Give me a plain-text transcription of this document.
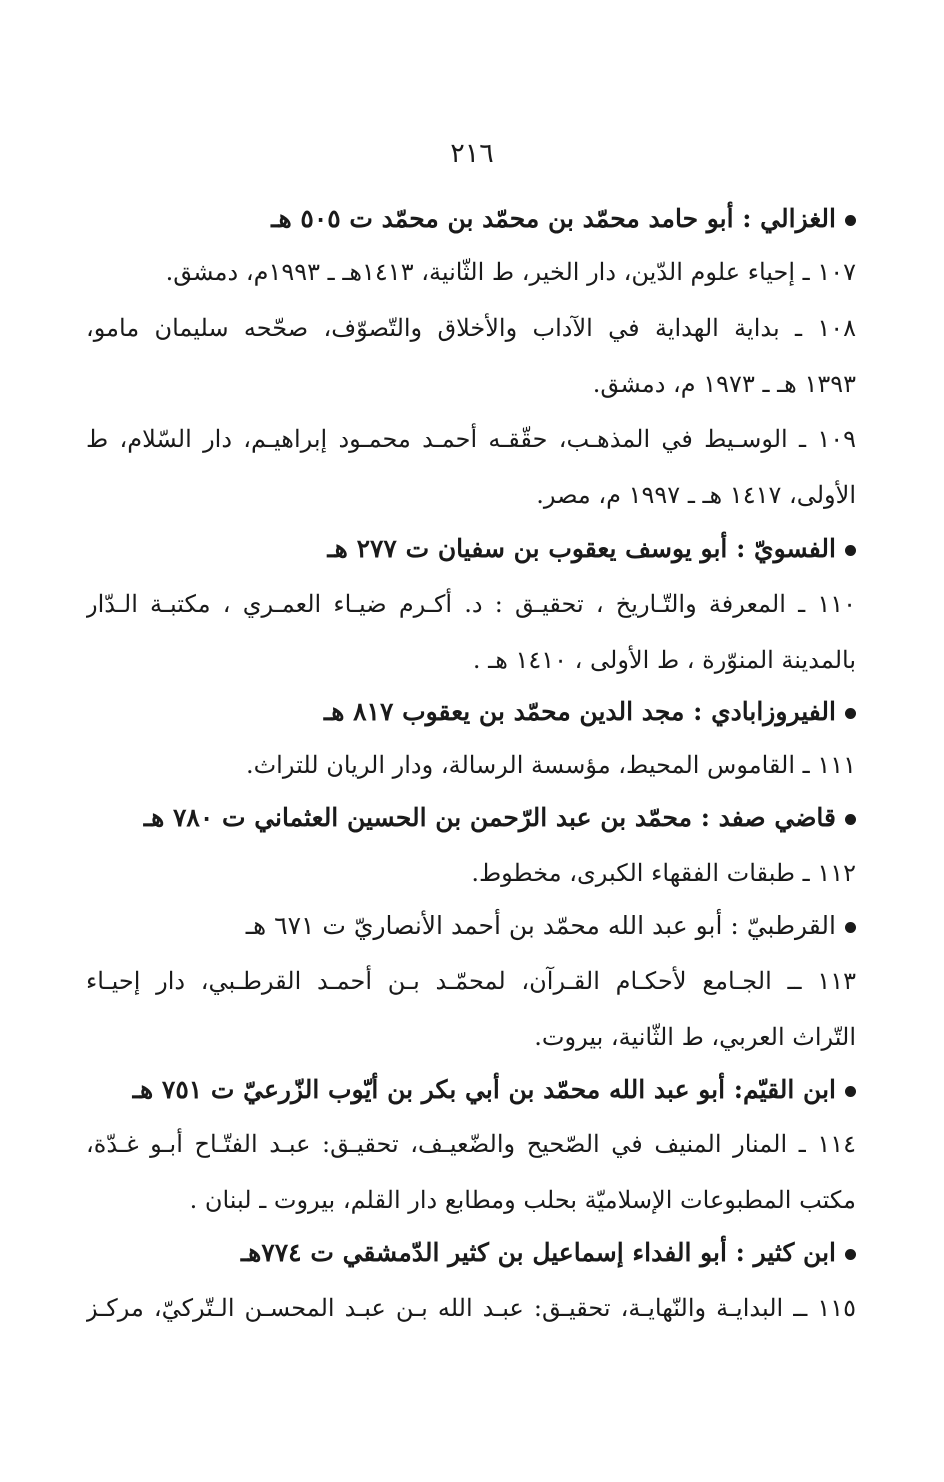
٢١٦
الغزالي : أبو حامد محمّد بن محمّد بن محمّد ت ٥٠٥ هـ
١٠٧ ـ إحياء علوم الدّين، دار الخير، ط الثّانية، ١٤١٣هـ ـ ١٩٩٣م، دمشق.
١٠٨ ـ بداية الهداية في الآداب والأخلاق والتّصوّف، صحّحه سليمان مامو،
١٣٩٣ هـ ـ ١٩٧٣ م، دمشق.
١٠٩ ـ الوسـيط في المذهـب، حقّقـه أحمـد محمـود إبراهيـم، دار السّلام، ط
الأولى، ١٤١٧ هـ ـ ١٩٩٧ م، مصر.
الفسويّ : أبو يوسف يعقوب بن سفيان ت ٢٧٧ هـ
١١٠ ـ المعرفة والتّـاريخ ، تحقيـق : د. أكـرم ضيـاء العمـري ، مكتبـة الـدّار
بالمدينة المنوّرة ، ط الأولى ، ١٤١٠ هـ .
الفيروزابادي : مجد الدين محمّد بن يعقوب ٨١٧ هـ
١١١ ـ القاموس المحيط، مؤسسة الرسالة، ودار الريان للتراث.
قاضي صفد : محمّد بن عبد الرّحمن بن الحسين العثماني ت ٧٨٠ هـ
١١٢ ـ طبقات الفقهاء الكبرى، مخطوط.
القرطبيّ : أبو عبد الله محمّد بن أحمد الأنصاريّ ت ٦٧١ هـ
١١٣ ــ الجـامع لأحكـام القـرآن، لمحمّـد بـن أحمـد القرطـبي، دار إحيـاء
التّراث العربي، ط الثّانية، بيروت.
ابن القيّم: أبو عبد الله محمّد بن أبي بكر بن أيّوب الزّرعيّ ت ٧٥١ هـ
١١٤ ـ المنار المنيف في الصّحيح والضّعيـف، تحقيـق: عبـد الفتّـاح أبـو غـدّة،
مكتب المطبوعات الإسلاميّة بحلب ومطابع دار القلم، بيروت ـ لبنان .
ابن كثير : أبو الفداء إسماعيل بن كثير الدّمشقي ت ٧٧٤هـ
١١٥ ــ البدايـة والنّهايـة، تحقيـق: عبـد الله بـن عبـد المحسـن الـتّركيّ، مركـز
